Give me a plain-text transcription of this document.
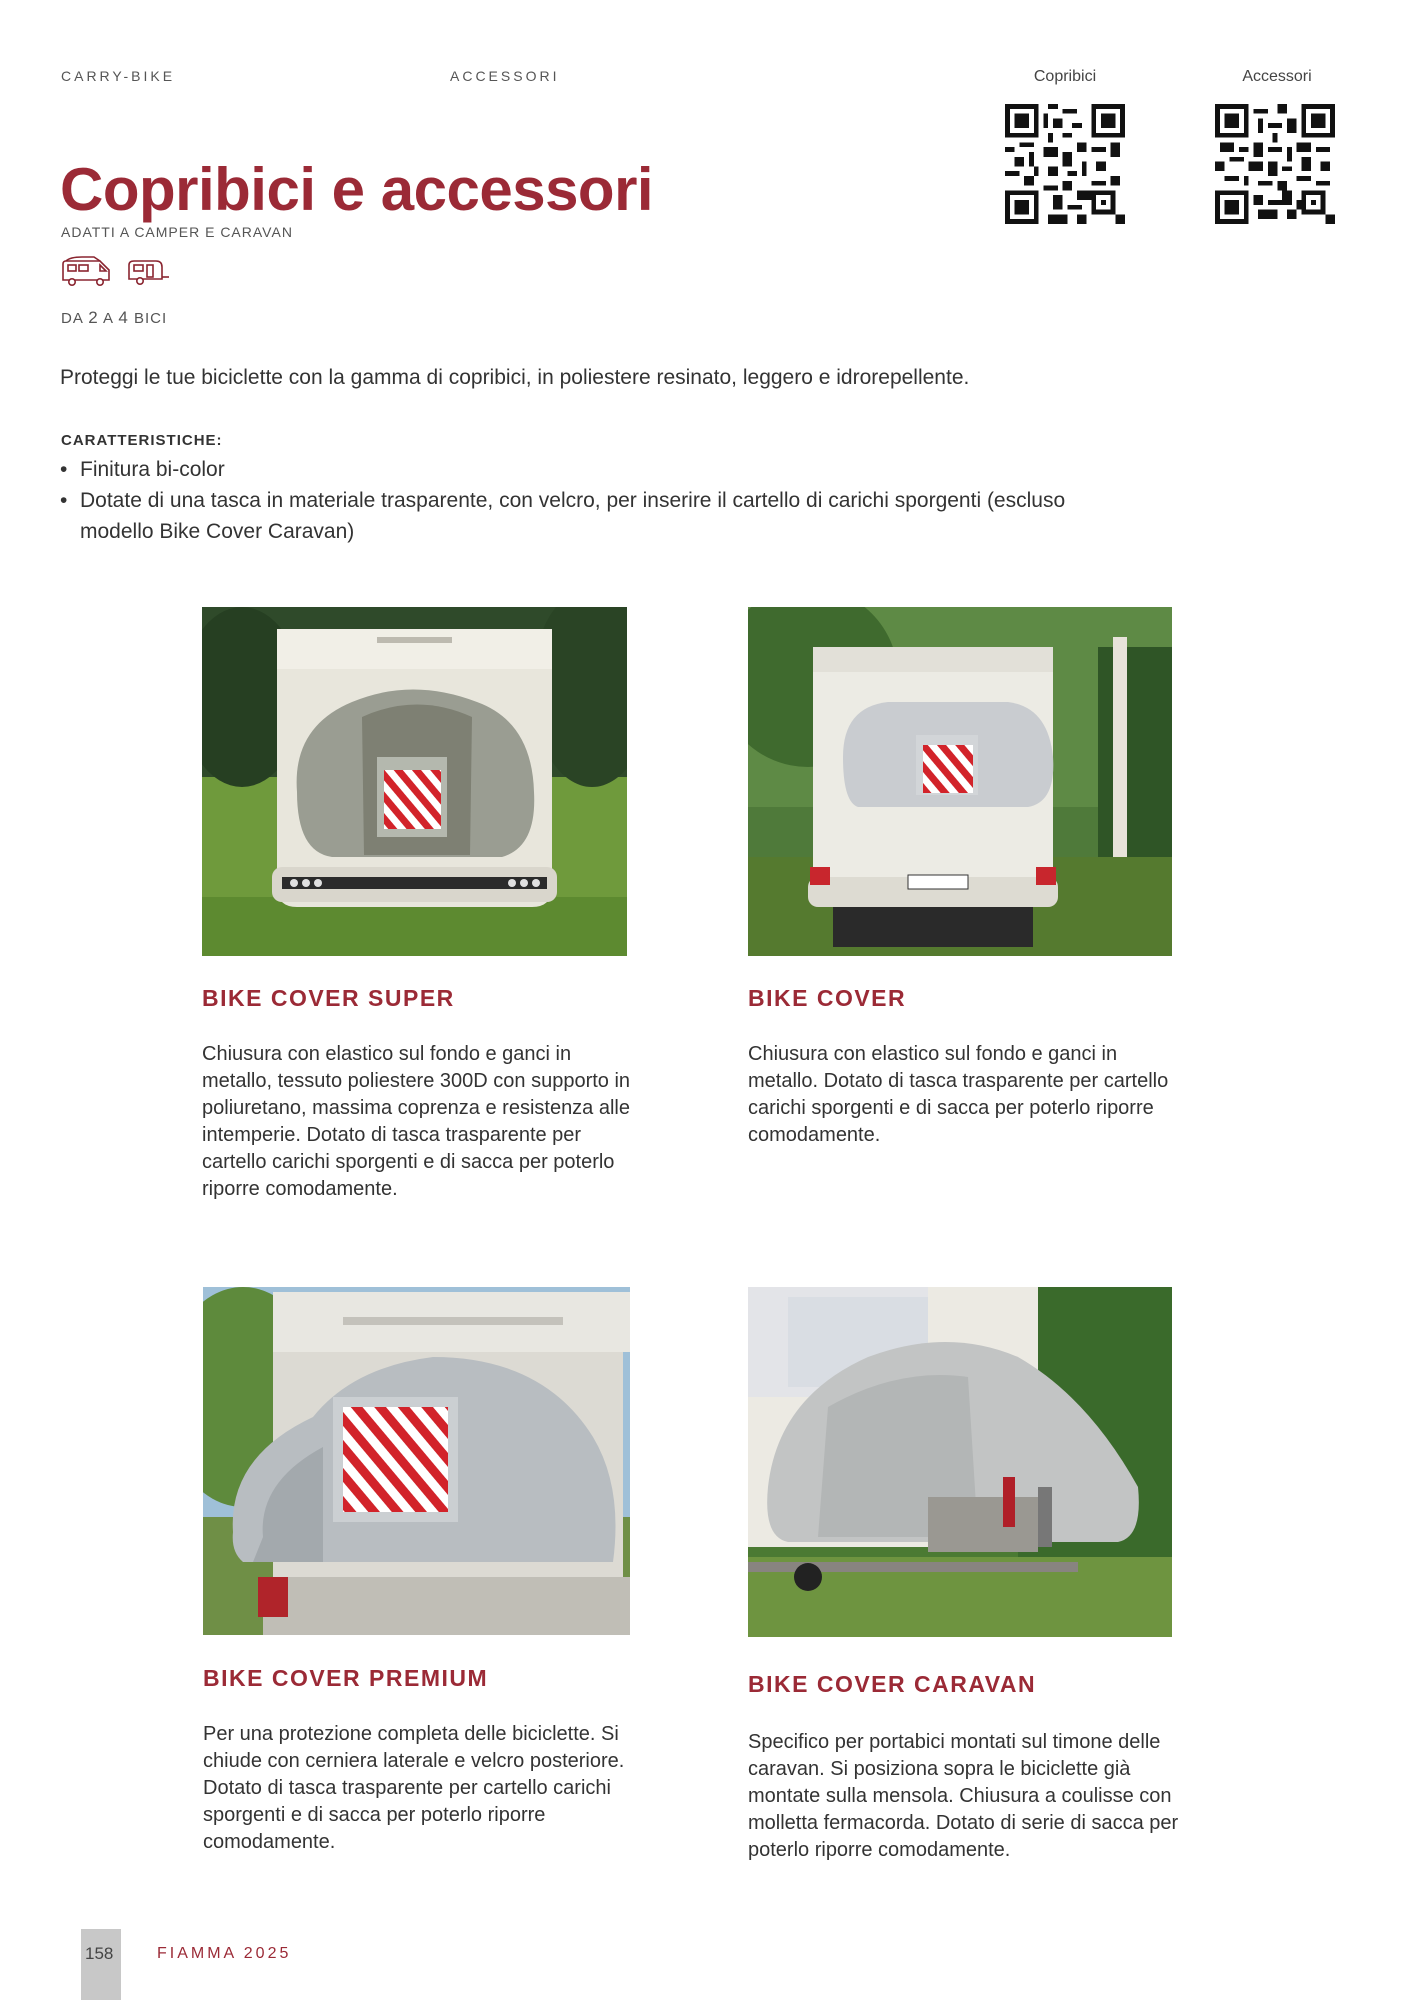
CARRY-BIKE	ACCESSORI	Copribici	Accessori
Copribici e accessori
ADATTI A CAMPER E CARAVAN
DA 2 A 4 BICI
Proteggi le tue biciclette con la gamma di copribici, in poliestere resinato, leggero e idrorepellente.
CARATTERISTICHE:
• Finitura bi-color
• Dotate di una tasca in materiale trasparente, con velcro, per inserire il cartello di carichi sporgenti (escluso modello Bike Cover Caravan)
BIKE COVER SUPER
Chiusura con elastico sul fondo e ganci in metallo, tessuto poliestere 300D con supporto in poliuretano, massima coprenza e resistenza alle intemperie. Dotato di tasca trasparente per cartello carichi sporgenti e di sacca per poterlo riporre comodamente.
BIKE COVER
Chiusura con elastico sul fondo e ganci in metallo. Dotato di tasca trasparente per cartello carichi sporgenti e di sacca per poterlo riporre comodamente.
BIKE COVER PREMIUM
Per una protezione completa delle biciclette. Si chiude con cerniera laterale e velcro posteriore. Dotato di tasca trasparente per cartello carichi sporgenti e di sacca per poterlo riporre comodamente.
BIKE COVER CARAVAN
Specifico per portabici montati sul timone delle caravan. Si posiziona sopra le biciclette già montate sulla mensola. Chiusura a coulisse con molletta fermacorda. Dotato di serie di sacca per poterlo riporre comodamente.
158	FIAMMA 2025
